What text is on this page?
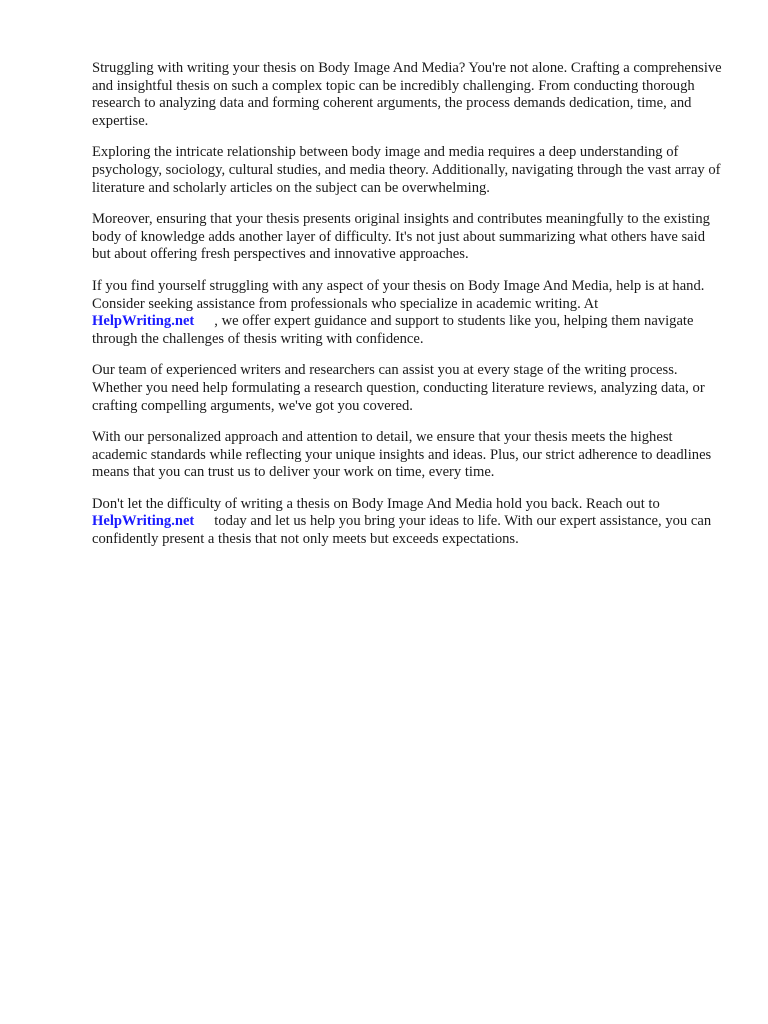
Struggling with writing your thesis on Body Image And Media? You're not alone. Crafting a comprehensive and insightful thesis on such a complex topic can be incredibly challenging. From conducting thorough research to analyzing data and forming coherent arguments, the process demands dedication, time, and expertise.

Exploring the intricate relationship between body image and media requires a deep understanding of psychology, sociology, cultural studies, and media theory. Additionally, navigating through the vast array of literature and scholarly articles on the subject can be overwhelming.

Moreover, ensuring that your thesis presents original insights and contributes meaningfully to the existing body of knowledge adds another layer of difficulty. It's not just about summarizing what others have said but about offering fresh perspectives and innovative approaches.

If you find yourself struggling with any aspect of your thesis on Body Image And Media, help is at hand. Consider seeking assistance from professionals who specialize in academic writing. At
HelpWriting.net , we offer expert guidance and support to students like you, helping them navigate through the challenges of thesis writing with confidence.

Our team of experienced writers and researchers can assist you at every stage of the writing process. Whether you need help formulating a research question, conducting literature reviews, analyzing data, or crafting compelling arguments, we've got you covered.

With our personalized approach and attention to detail, we ensure that your thesis meets the highest academic standards while reflecting your unique insights and ideas. Plus, our strict adherence to deadlines means that you can trust us to deliver your work on time, every time.

Don't let the difficulty of writing a thesis on Body Image And Media hold you back. Reach out to
HelpWriting.net today and let us help you bring your ideas to life. With our expert assistance, you can confidently present a thesis that not only meets but exceeds expectations.
